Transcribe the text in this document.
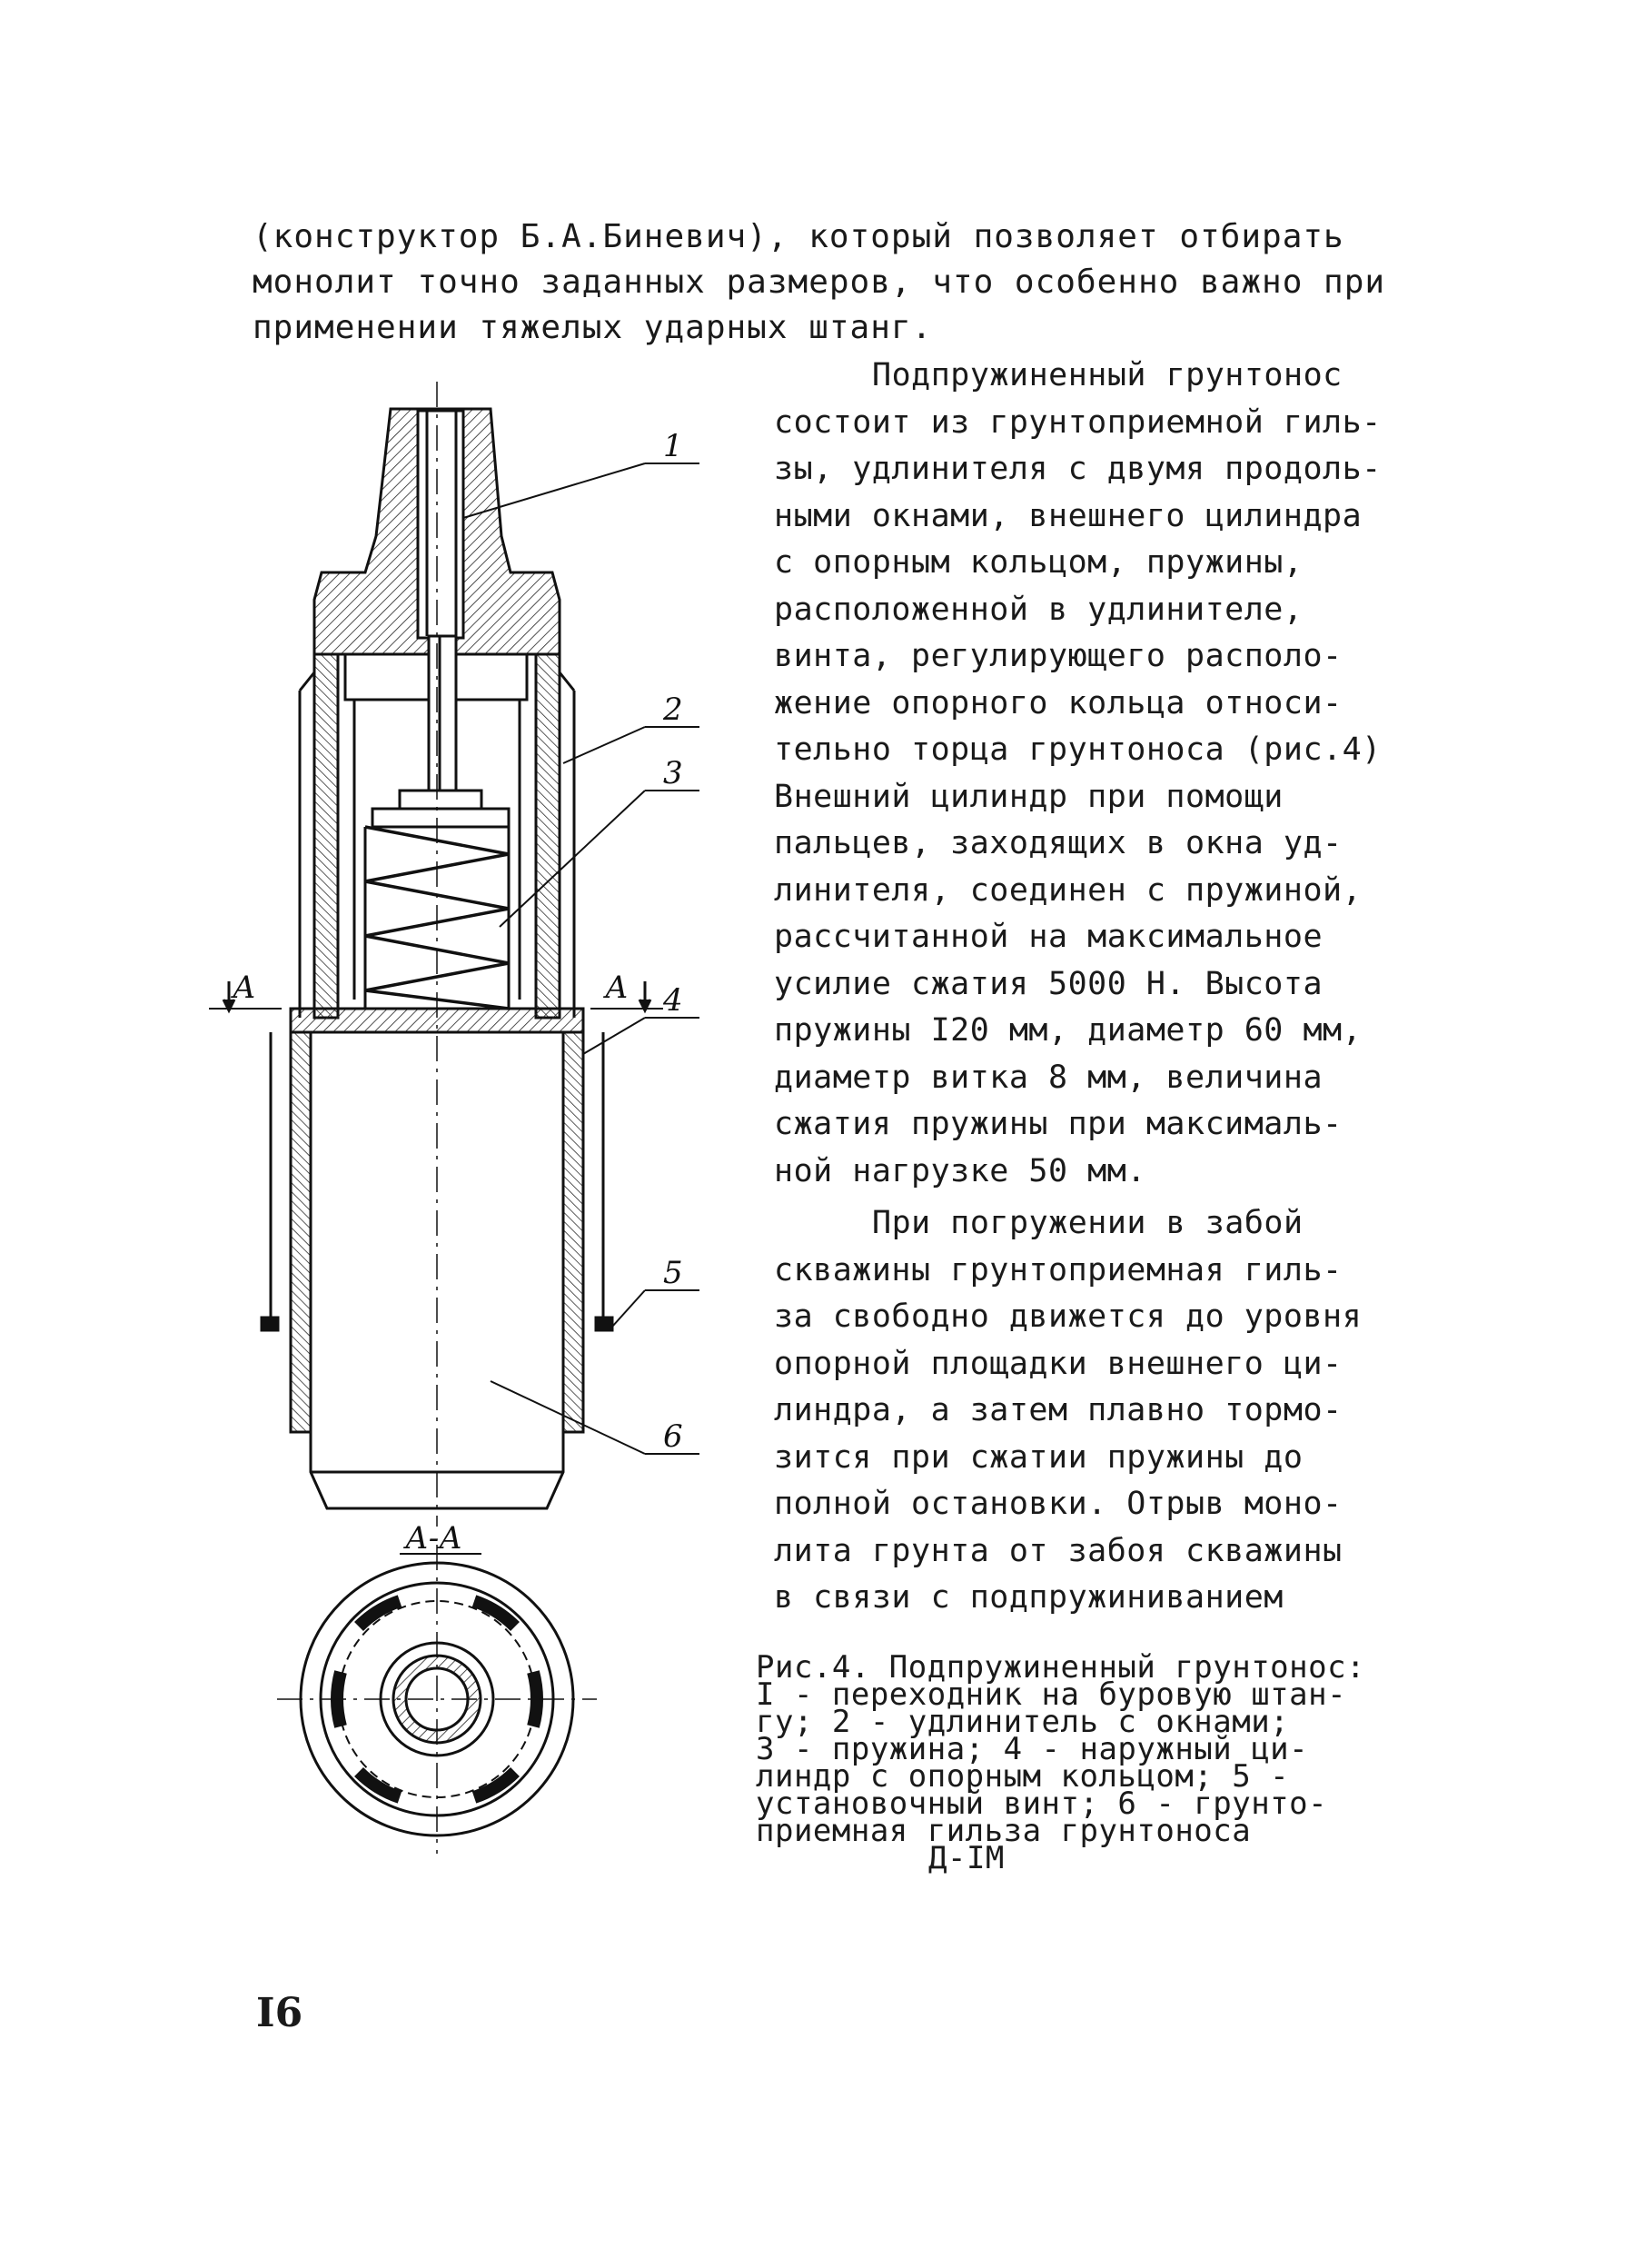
(конструктор Б.А.Биневич), который позволяет отбирать
монолит точно заданных размеров, что особенно важно при
применении тяжелых ударных штанг.
1
2
3
4
5
6
А	А
А-А
Подпружиненный грунтонос
состоит из грунтоприемной гиль-
зы, удлинителя с двумя продоль-
ными окнами, внешнего цилиндра
с опорным кольцом, пружины,
расположенной в удлинителе,
винта, регулирующего располо-
жение опорного кольца относи-
тельно торца грунтоноса (рис.4)
Внешний цилиндр при помощи
пальцев, заходящих в окна уд-
линителя, соединен с пружиной,
рассчитанной на максимальное
усилие сжатия 5000 Н. Высота
пружины I20 мм, диаметр 60 мм,
диаметр витка 8 мм, величина
сжатия пружины при максималь-
ной нагрузке 50 мм.
При погружении в забой
скважины грунтоприемная гиль-
за свободно движется до уровня
опорной площадки внешнего ци-
линдра, а затем плавно тормо-
зится при сжатии пружины до
полной остановки. Отрыв моно-
лита грунта от забоя скважины
в связи с подпружиниванием
Рис.4. Подпружиненный грунтонос:
I - переходник на буровую штан-
гу; 2 - удлинитель с окнами;
3 - пружина; 4 - наружный ци-
линдр с опорным кольцом; 5 -
установочный винт; 6 - грунто-
приемная гильза грунтоноса
Д-IМ
I6
